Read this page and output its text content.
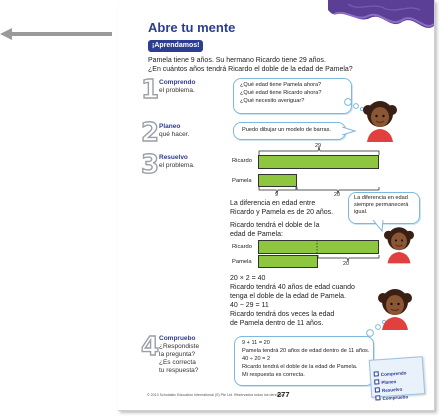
Abre tu mente
¡Aprendamos!
Pamela tiene 9 años. Su hermano Ricardo tiene 29 años.
¿En cuántos años tendrá Ricardo el doble de la edad de Pamela?
1 Comprendo
el problema.
¿Qué edad tiene Pamela ahora?
¿Qué edad tiene Ricardo ahora?
¿Qué necesito averiguar?
2 Planeo
qué hacer.
Puedo dibujar un modelo de barras.
3 Resuelvo
el problema.
29
Ricardo
Pamela
9	20
La diferencia en edad entre
Ricardo y Pamela es de 20 años.
Ricardo tendrá el doble de la
edad de Pamela:
La diferencia en edad
siempre permanecerá
igual.
Ricardo
Pamela	20
20 × 2 = 40
Ricardo tendrá 40 años de edad cuando
tenga el doble de la edad de Pamela.
40 − 29 = 11
Ricardo tendrá dos veces la edad
de Pamela dentro de 11 años.
4 Compruebo
¿Respondiste
la pregunta?
¿Es correcta
tu respuesta?
9 + 11 = 20
Pamela tendrá 20 años de edad dentro de 11 años.
40 ÷ 20 = 2
Ricardo tendrá el doble de la edad de Pamela.
Mi respuesta es correcta.	Comprendo
Planeo
Resuelvo
Compruebo
© 2013 Scholastic Education International (S) Pte Ltd. Reservados todos los derechos.
277
